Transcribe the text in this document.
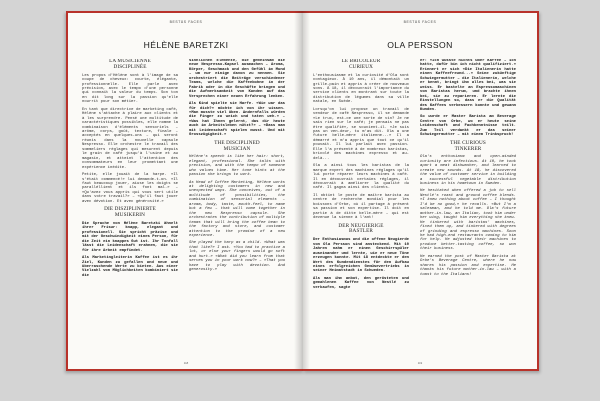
BESTÄS FACES
HÉLÈNE BARETZKI
LA MUSICIENNE
DISCIPLINÉE
Les propos d'Hélène sont à l'image de sa coupe de cheveux: courte, élégante, professionnelle. Elle parle avec précision, avec le tempo d'une personne qui connaît la valeur du temps. Son ton en dit long sur la passion qu'elle nourrit pour son métier.
En tant que directrice de marketing café, Hélène s'attache à plaire aux clients et à les surprendre. Pensé une multitude de caractéristiques possibles, elle nomme la combinaison d'éléments sensoriels – arôme, corps, goût, texture, finale – acceptés en quelques-uns – qui seront réunis dans la nouvelle capsule Nespresso. Elle orchestre le travail des sommeliers réglages qui mesurent depuis le grain de café jusqu'à l'usine et au magasin, et atteint l'attention des consommateurs en leur promettant une expérience inédite.
Petite, elle jouait de la harpe. «Il s'était commencé!» lui demande-t-on. «Il faut beaucoup jouer, aiuse les doigts se paralléllient et ils font mal.» – «Qu'avez vous appris qui vous sert utile dans votre travail?» – «Qu'il faut jouer avec dévotion. Et avec générosité.»
DIE DISZIPLINIERTE
MUSIKERIN
Die Sprache von Hélène Baretzki ähnelt ihrer Frisur: knapp, elegant und professionell. Sie spricht präzise und mit der Geschwindigkeit eines Person, für die Zeit ein knappes Gut ist. Ihr Tonfall lässt die Leidenschaft erahnen, die sie für ihre Arbeit empfindet.
Als Marketingleiterin Kaffee ist es ihr Ziel, Kunden zu gefallen und neue und überraschende Werte zu bieten. Aus einer Vielzahl von Möglichkeiten kombiniert sie die
sinnlichen Elemente, die gemeinsam die neue Nespresso-Kapsel ausmachen – Aroma, Körper, Geschmack und den Gefühl im Mund – um nur einige davon zu nennen. Sie orchestriert die Beiträge verschiedener Teams, welche die Kaffeebohne in der Fabrik oder in die Geschäfte bringen und die Aufmerksamkeit von Kunden auf das Versprechen einer neuen Erfahrung lenken.
Als Kind spielte sie Harfe. «Wie war das für dich?» möchte ich von ihr wissen. «Man musste viel üben. Andernfalls würden die Finger zu weich und taten weh.» – «Was hat Ihnen gelernt, das dir heute auch im Arbeitsleben nützt?» – «Dass man mit Leidenschaft spielen musst. Und mit Grosszügigkeit.»
THE DISCIPLINED
MUSICIAN
Hélène's speech is like her hair: short, elegant, professional. She talks with precision, and with the tempo of someone who values time. Her tone hints at the passion she brings to work.
As Head of Coffee Marketing, Hélène works at delighting customers in new and unexpected ways. She conceives, out of a multitude of possibilities, the combination of sensorial elements – aroma, body, taste, mouth-feel, to name but a few – that will come together in the new Nespresso capsule. She orchestrates the contribution of multiple teams that will bring the coffee bean to the factory and store, and customer attention to the promise of a new experience.
She played the harp as a child. «What was that like?» I ask. «You had to practice a lot, or else your fingers would go soft and hurt.» «What did you learn from that serves you in your work now?» – «That you have to play with devotion. And generosity.»
118
BESTÄS FACES
OLA PERSSON
LE BRICOLEUR
CURIEUX
L'enthousiasme et la curiosité d'Ola sont contagieux. À 10 ans, il démontait un grille-pain et appris à créer de nouveaux sons. À 18, il découvrait l'importance du service clients en montrant sur toute la distribution de légumes dans sa ville natale, en Suède.
Lorsqu'on lui propose un travail de vendeur de café Nespresso, il se demande «Le truc, est-ce une sorte de vin? Je ne sais rien sur le café; je pensais ne pas être qualifié», se souvient-il. «Je suis pas un ven-deur, tu m'as dit. Ola a une future belle-mère italienne...» Il a démarré et m'a appris que tout ce qu'il pouvait. Il lui parlait avec passion. Elle l'a présenté à de nombreux baristas, bricolé des machines expresso et au-delà...
Ola a ainsi tous les baristas de la marque expert des machines réglages qu'il lui porte réparer leurs machines à café. Il en découvrait certains réglages, il découvrait à améliorer la qualité du café. Il gagna ainsi des clients.
Il obtint le poste de maître barista au centre de recherche mondial pour les boissons d'Orbe, où il partage à présent sa passion et son expertise. Il doit en partie à de ditte belle-mère – qui est devenue la sienne à l'ant!
DER NEUGIERIGE
BASTLER
Der Enthusiasmus und die offene Neugierde von Ola Persson sind ansteckend. Mit 10 Jahren nahm er einen Geschirrspüler auseinander und lernte, wie er neue Töne erzeugen konnte. Mit 18 entdeckte er den Wert des Kundendienstes für den Aufbau eines erfolgreichen Gemüsevertriebs in seiner Heimatstadt in Schweden.
Als man ihm anbot, den gerösteten und gemahlenen Kaffee von Nestlé zu verkaufen, sagte
er: «Ich wusste nichts über Kaffee – ich hatte, dafür bin ich nicht qualifiziert.» Erinnert er sich «Die Italienerin hatte einen Kaffeefreund...» Seine zukünftige Schwiegermutter – die Italienerin, welche er kennt, bringt ihm alles bei, was sie weiss. Er bastelte an Espressomaschinen von Baristas herum, und brachte ihnen bei, sie zu reparieren. Er lernte die Einstellungen so, dass er die Qualität des Kaffees verbessern konnte und gewann Kunden.
So wurde er Master Barista am Beverage Centre von Orbe, wo er heute seine Leidenschaft und Fachkenntnisse teilt. Zum Teil verdankt er das seiner Schwiegermutter – mit einem Trinkspruch!
THE CURIOUS
TINKERER
Ola's enthusiasm and open-minded curiosity are infectious. At 10, he took apart a meat dishwasher, and learned to create new sounds. At 18, he discovered the value of customer service in building a successful vegetable distribution business in his hometown in Sweden.
He hesitated when offered a job to sell Nestlé's roast and ground coffee blends. «I knew nothing about coffee – I thought I'd be no good,» he recalls. «But I'm a salesman, and he told me. Ola's future mother-in-law, an Italian, took him under her wing, taught him everything she knew. He tinkered with baristas' machines, fixed them up, and tinkered with degrees of grinding and espresso machines. Soon he had high-end restaurants coming to him for help. He adjusted their machines to produce better-tasting coffee, so won their business.
He earned the post of Master Barista at Orbe's Beverage Centre, where he now shares his passion and expertise. He thanks his future mother-in-law – with a toast to the Italians!
119
